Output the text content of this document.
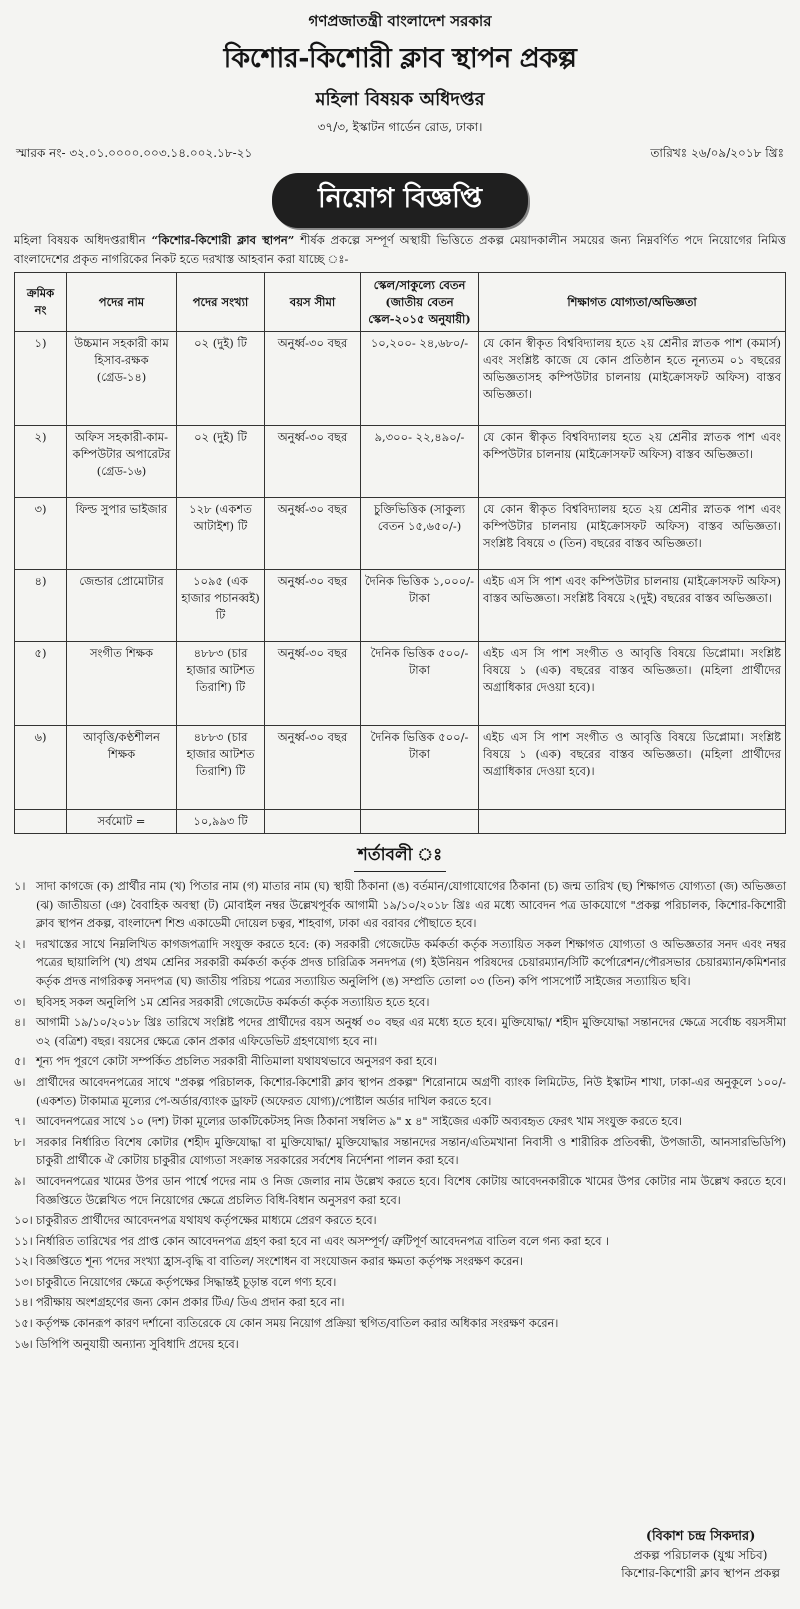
গণপ্রজাতন্ত্রী বাংলাদেশ সরকার
কিশোর-কিশোরী ক্লাব স্থাপন প্রকল্প
মহিলা বিষয়ক অধিদপ্তর
৩৭/৩, ইস্কাটন গার্ডেন রোড, ঢাকা।
স্মারক নং- ৩২.০১.০০০০.০০৩.১৪.০০২.১৮-২১	তারিখঃ ২৬/০৯/২০১৮ খ্রিঃ
নিয়োগ বিজ্ঞপ্তি
মহিলা বিষয়ক অধিদপ্তরাধীন “কিশোর-কিশোরী ক্লাব স্থাপন” শীর্ষক প্রকল্পে সম্পূর্ণ অস্থায়ী ভিত্তিতে প্রকল্প মেয়াদকালীন সময়ের জন্য নিম্নবর্ণিত পদে নিয়োগের নিমিত্ত বাংলাদেশের প্রকৃত নাগরিকের নিকট হতে দরখাস্ত আহবান করা যাচ্ছে ঃ-
ক্রমিক নং	পদের নাম	পদের সংখ্যা	বয়স সীমা	স্কেল/সাকুল্যে বেতন (জাতীয় বেতন স্কেল-২০১৫ অনুযায়ী)	শিক্ষাগত যোগ্যতা/অভিজ্ঞতা
১)	উচ্চমান সহকারী কাম হিসাব-রক্ষক (গ্রেড-১৪)	০২ (দুই) টি	অনুর্ধ্ব-৩০ বছর	১০,২০০- ২৪,৬৮০/-	যে কোন স্বীকৃত বিশ্ববিদ্যালয় হতে ২য় শ্রেনীর স্নাতক পাশ (কমার্স) এবং সংশ্লিষ্ট কাজে যে কোন প্রতিষ্ঠান হতে নূন্যতম ০১ বছরের অভিজ্ঞতাসহ কম্পিউটার চালনায় (মাইক্রোসফট অফিস) বাস্তব অভিজ্ঞতা।
২)	অফিস সহকারী-কাম-কম্পিউটার অপারেটর (গ্রেড-১৬)	০২ (দুই) টি	অনুর্ধ্ব-৩০ বছর	৯,৩০০- ২২,৪৯০/-	যে কোন স্বীকৃত বিশ্ববিদ্যালয় হতে ২য় শ্রেনীর স্নাতক পাশ এবং কম্পিউটার চালনায় (মাইক্রোসফট অফিস) বাস্তব অভিজ্ঞতা।
৩)	ফিল্ড সুপার ভাইজার	১২৮ (একশত আটাইশ) টি	অনুর্ধ্ব-৩০ বছর	চুক্তিভিত্তিক (সাকুল্য বেতন ১৫,৬৫০/-)	যে কোন স্বীকৃত বিশ্ববিদ্যালয় হতে ২য় শ্রেনীর স্নাতক পাশ এবং কম্পিউটার চালনায় (মাইক্রোসফট অফিস) বাস্তব অভিজ্ঞতা। সংশ্লিষ্ট বিষয়ে ৩ (তিন) বছরের বাস্তব অভিজ্ঞতা।
৪)	জেন্ডার প্রোমোটার	১০৯৫ (এক হাজার পচানব্বই) টি	অনুর্ধ্ব-৩০ বছর	দৈনিক ভিত্তিক ১,০০০/- টাকা	এইচ এস সি পাশ এবং কম্পিউটার চালনায় (মাইক্রোসফট অফিস) বাস্তব অভিজ্ঞতা। সংশ্লিষ্ট বিষয়ে ২(দুই) বছরের বাস্তব অভিজ্ঞতা।
৫)	সংগীত শিক্ষক	৪৮৮৩ (চার হাজার আটশত তিরাশি) টি	অনুর্ধ্ব-৩০ বছর	দৈনিক ভিত্তিক ৫০০/- টাকা	এইচ এস সি পাশ সংগীত ও আবৃত্তি বিষয়ে ডিপ্লোমা। সংশ্লিষ্ট বিষয়ে ১ (এক) বছরের বাস্তব অভিজ্ঞতা। (মহিলা প্রার্থীদের অগ্রাধিকার দেওয়া হবে)।
৬)	আবৃত্তি/কণ্ঠশীলন শিক্ষক	৪৮৮৩ (চার হাজার আটশত তিরাশি) টি	অনুর্ধ্ব-৩০ বছর	দৈনিক ভিত্তিক ৫০০/- টাকা	এইচ এস সি পাশ সংগীত ও আবৃত্তি বিষয়ে ডিপ্লোমা। সংশ্লিষ্ট বিষয়ে ১ (এক) বছরের বাস্তব অভিজ্ঞতা। (মহিলা প্রার্থীদের অগ্রাধিকার দেওয়া হবে)।
	সর্বমোট =	১০,৯৯৩ টি			
শর্তাবলী ঃ
১। সাদা কাগজে (ক) প্রার্থীর নাম (খ) পিতার নাম (গ) মাতার নাম (ঘ) স্থায়ী ঠিকানা (ঙ) বর্তমান/যোগাযোগের ঠিকানা (চ) জন্ম তারিখ (ছ) শিক্ষাগত যোগ্যতা (জ) অভিজ্ঞতা (ঝ) জাতীয়তা (ঞ) বৈবাহিক অবস্থা (ট) মোবাইল নম্বর উল্লেখপূর্বক আগামী ১৯/১০/২০১৮ খ্রিঃ এর মধ্যে আবেদন পত্র ডাকযোগে "প্রকল্প পরিচালক, কিশোর-কিশোরী ক্লাব স্থাপন প্রকল্প, বাংলাদেশ শিশু একাডেমী দোয়েল চত্বর, শাহবাগ, ঢাকা এর বরাবর পৌছাতে হবে।
২। দরখাস্তের সাথে নিম্নলিখিত কাগজপত্রাদি সংযুক্ত করতে হবে: (ক) সরকারী গেজেটেড কর্মকর্তা কর্তৃক সত্যায়িত সকল শিক্ষাগত যোগ্যতা ও অভিজ্ঞতার সনদ এবং নম্বর পত্রের ছায়ালিপি (খ) প্রথম শ্রেনির সরকারী কর্মকর্তা কর্তৃক প্রদত্ত চারিত্রিক সনদপত্র (গ) ইউনিয়ন পরিষদের চেয়ারম্যান/সিটি কর্পোরেশন/পৌরসভার চেয়ারম্যান/কমিশনার কর্তৃক প্রদত্ত নাগরিকত্ব সনদপত্র (ঘ) জাতীয় পরিচয় পত্রের সত্যায়িত অনুলিপি (ঙ) সম্প্রতি তোলা ০৩ (তিন) কপি পাসপোর্ট সাইজের সত্যায়িত ছবি।
৩। ছবিসহ সকল অনুলিপি ১ম শ্রেনির সরকারী গেজেটেড কর্মকর্তা কর্তৃক সত্যায়িত হতে হবে।
৪। আগামী ১৯/১০/২০১৮ খ্রিঃ তারিখে সংশ্লিষ্ট পদের প্রার্থীদের বয়স অনুর্ধ্ব ৩০ বছর এর মধ্যে হতে হবে। মুক্তিযোদ্ধা/ শহীদ মুক্তিযোদ্ধা সন্তানদের ক্ষেত্রে সর্বোচ্চ বয়সসীমা ৩২ (বত্রিশ) বছর। বয়সের ক্ষেত্রে কোন প্রকার এফিডেভিট গ্রহণযোগ্য হবে না।
৫। শূন্য পদ পূরণে কোটা সম্পর্কিত প্রচলিত সরকারী নীতিমালা যথাযথভাবে অনুসরণ করা হবে।
৬। প্রার্থীদের আবেদনপত্রের সাথে "প্রকল্প পরিচালক, কিশোর-কিশোরী ক্লাব স্থাপন প্রকল্প" শিরোনামে অগ্রণী ব্যাংক লিমিটেড, নিউ ইস্কাটন শাখা, ঢাকা-এর অনুকূলে ১০০/- (একশত) টাকামাত্র মূল্যের পে-অর্ডার/ব্যাংক ড্রাফট (অফেরত যোগ্য)/পোষ্টাল অর্ডার দাখিল করতে হবে।
৭। আবেদনপত্রের সাথে ১০ (দশ) টাকা মূল্যের ডাকটিকেটসহ নিজ ঠিকানা সম্বলিত ৯" x ৪" সাইজের একটি অব্যবহৃত ফেরৎ খাম সংযুক্ত করতে হবে।
৮। সরকার নির্ধারিত বিশেষ কোটার (শহীদ মুক্তিযোদ্ধা বা মুক্তিযোদ্ধা/ মুক্তিযোদ্ধার সন্তানদের সন্তান/এতিমখানা নিবাসী ও শারীরিক প্রতিবন্ধী, উপজাতী, আনসারভিডিপি) চাকুরী প্রার্থীকে ঐ কোটায় চাকুরীর যোগ্যতা সংক্রান্ত সরকারের সর্বশেষ নির্দেশনা পালন করা হবে।
৯। আবেদনপত্রের খামের উপর ডান পার্শ্বে পদের নাম ও নিজ জেলার নাম উল্লেখ করতে হবে। বিশেষ কোটায় আবেদনকারীকে খামের উপর কোটার নাম উল্লেখ করতে হবে। বিজ্ঞপ্তিতে উল্লেখিত পদে নিয়োগের ক্ষেত্রে প্রচলিত বিধি-বিধান অনুসরণ করা হবে।
১০। চাকুরীরত প্রার্থীদের আবেদনপত্র যথাযথ কর্তৃপক্ষের মাধ্যমে প্রেরণ করতে হবে।
১১। নির্ধারিত তারিখের পর প্রাপ্ত কোন আবেদনপত্র গ্রহণ করা হবে না এবং অসম্পূর্ণ/ ত্রুটিপূর্ণ আবেদনপত্র বাতিল বলে গন্য করা হবে ।
১২। বিজ্ঞপ্তিতে শূন্য পদের সংখ্যা হ্রাস-বৃদ্ধি বা বাতিল/ সংশোধন বা সংযোজন করার ক্ষমতা কর্তৃপক্ষ সংরক্ষণ করেন।
১৩। চাকুরীতে নিয়োগের ক্ষেত্রে কর্তৃপক্ষের সিদ্ধান্তই চূড়ান্ত বলে গণ্য হবে।
১৪। পরীক্ষায় অংশগ্রহণের জন্য কোন প্রকার টিএ/ ডিএ প্রদান করা হবে না।
১৫। কর্তৃপক্ষ কোনরূপ কারণ দর্শানো ব্যতিরেকে যে কোন সময় নিয়োগ প্রক্রিয়া স্থগিত/বাতিল করার অধিকার সংরক্ষণ করেন।
১৬। ডিপিপি অনুযায়ী অন্যান্য সুবিধাদি প্রদেয় হবে।
(বিকাশ চন্দ্র সিকদার)
প্রকল্প পরিচালক (যুগ্ম সচিব)
কিশোর-কিশোরী ক্লাব স্থাপন প্রকল্প
